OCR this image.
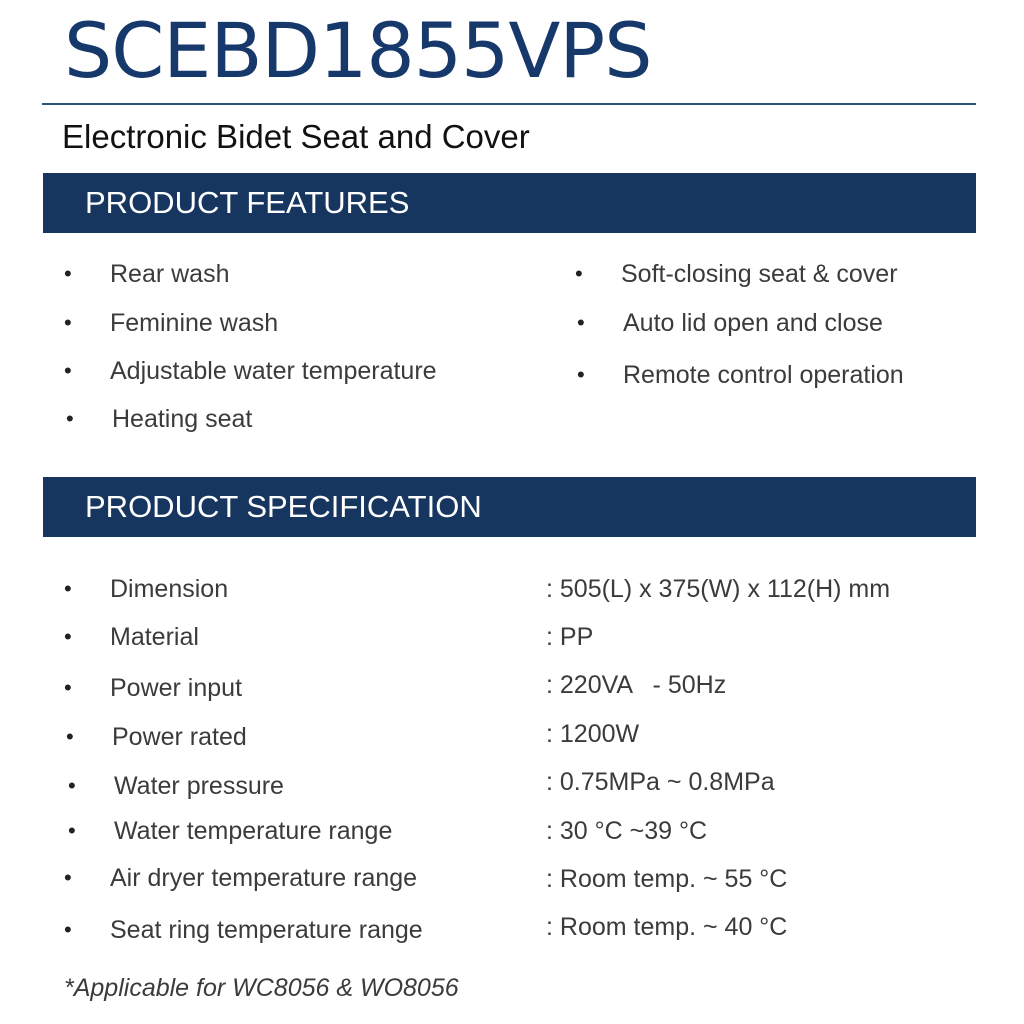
SCEBD1855VPS
Electronic Bidet Seat and Cover
PRODUCT FEATURES
• Rear wash
• Feminine wash
• Adjustable water temperature
• Heating seat
• Soft-closing seat & cover
• Auto lid open and close
• Remote control operation
PRODUCT SPECIFICATION
• Dimension	: 505(L) x 375(W) x 112(H) mm
• Material	: PP
• Power input	: 220VA   - 50Hz
• Power rated	: 1200W
• Water pressure	: 0.75MPa ~ 0.8MPa
• Water temperature range	: 30 °C ~39 °C
• Air dryer temperature range	: Room temp. ~ 55 °C
• Seat ring temperature range	: Room temp. ~ 40 °C
*Applicable for WC8056 & WO8056
